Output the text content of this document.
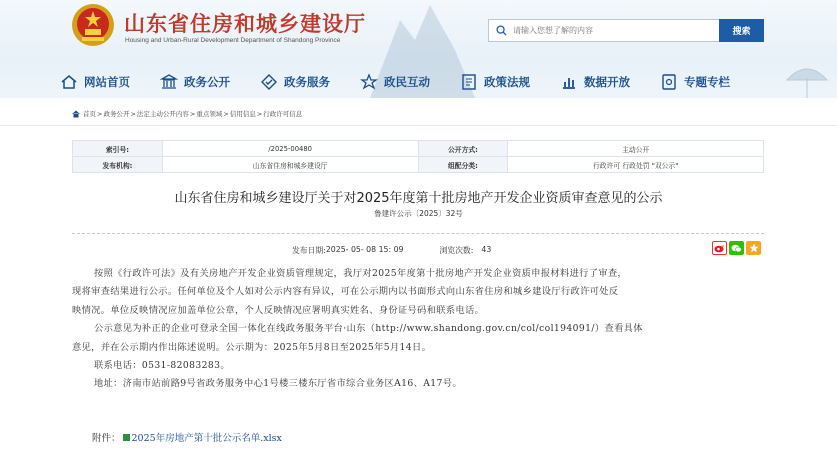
山东省住房和城乡建设厅
Housing and Urban-Rural Development Department of Shandong Province
请输入您想了解的内容
搜索
网站首页	政务公开	政务服务	政民互动	政策法规	数据开放	专题专栏
首页 > 政务公开 > 法定主动公开内容 > 重点领域 > 信用信息 > 行政许可信息
索引号:	/2025-00480	公开方式:	主动公开
发布机构:	山东省住房和城乡建设厅	组配分类:	行政许可 行政处罚 "双公示"
山东省住房和城乡建设厅关于对2025年度第十批房地产开发企业资质审查意见的公示
鲁建许公示〔2025〕32号
发布日期: 2025- 05- 08 15: 09	浏览次数: 43
按照《行政许可法》及有关房地产开发企业资质管理规定，我厅对2025年度第十批房地产开发企业资质申报材料进行了审查，
现将审查结果进行公示。任何单位及个人如对公示内容有异议，可在公示期内以书面形式向山东省住房和城乡建设厅行政许可处反
映情况。单位反映情况应加盖单位公章，个人反映情况应署明真实姓名、身份证号码和联系电话。
公示意见为补正的企业可登录全国一体化在线政务服务平台·山东（http://www.shandong.gov.cn/col/col194091/）查看具体
意见，并在公示期内作出陈述说明。公示期为：2025年5月8日至2025年5月14日。
联系电话：0531-82083283。
地址：济南市站前路9号省政务服务中心1号楼三楼东厅省市综合业务区A16、A17号。
附件： 2025年房地产第十批公示名单.xlsx
